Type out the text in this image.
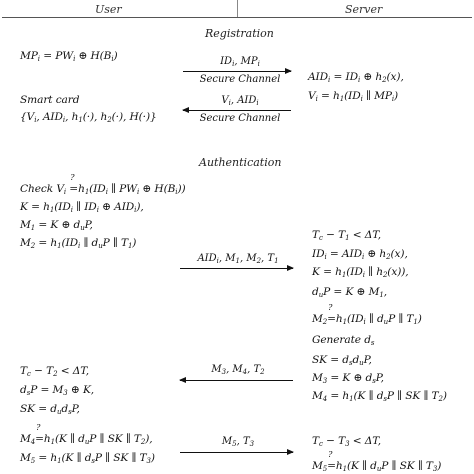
User	Server
Registration
$MP_i = PW_i$ ⊕ $H(B_i)$	$ID_i$, $MP_i$
Secure Channel	$AID_i = ID_i$ ⊕ $h_2(x)$,
$V_i = h_1(ID_i$ ∥ $MP_i$)
Smart card	$V_i$, $AID_i$
Secure Channel
{$V_i$, $AID_i$, $h_1(\cdot)$, $h_2(\cdot)$, H(·)}
Authentication
Check $V_i$ =
?
$h_1(ID_i$ ∥ $PW_i$ ⊕ $H(B_i)$)
$K = h_1(ID_i$ ∥ $ID_i$ ⊕ $AID_i$),
$M_1 = K$ ⊕ $d_uP$,
$M_2 = h_1(ID_i$ ∥ $d_uP$ ∥ $T_1$)
$AID_i$, $M_1$, $M_2$, $T_1$
$T_c - T_1 < \Delta T$,
$ID_i = AID_i$ ⊕ $h_2(x)$,
$K = h_1(ID_i$ ∥ $h_2(x)$),
$d_uP = K$ ⊕ $M_1$,
$M_2=$
?
$h_1(ID_i$ ∥ $d_uP$ ∥ $T_1$)
Generate $d_s$
SK = $d_sd_uP$,
$M_3 = K$ ⊕ $d_sP$,
$M_4 = h_1(K$ ∥ $d_sP$ ∥ SK ∥ $T_2$)
$T_c - T_2 < \Delta T$,	$M_3$, $M_4$, $T_2$
$d_sP = M_3$ ⊕ K,
SK = $d_ud_sP$,
$M_4=$
?
$h_1(K$ ∥ $d_uP$ ∥ SK ∥ $T_2$),
$M_5 = h_1(K$ ∥ $d_sP$ ∥ SK ∥ $T_3$)
$M_5$, $T_3$	$T_c - T_3 < \Delta T$,
$M_5=$
?
$h_1(K$ ∥ $d_uP$ ∥ SK ∥ $T_3$)
